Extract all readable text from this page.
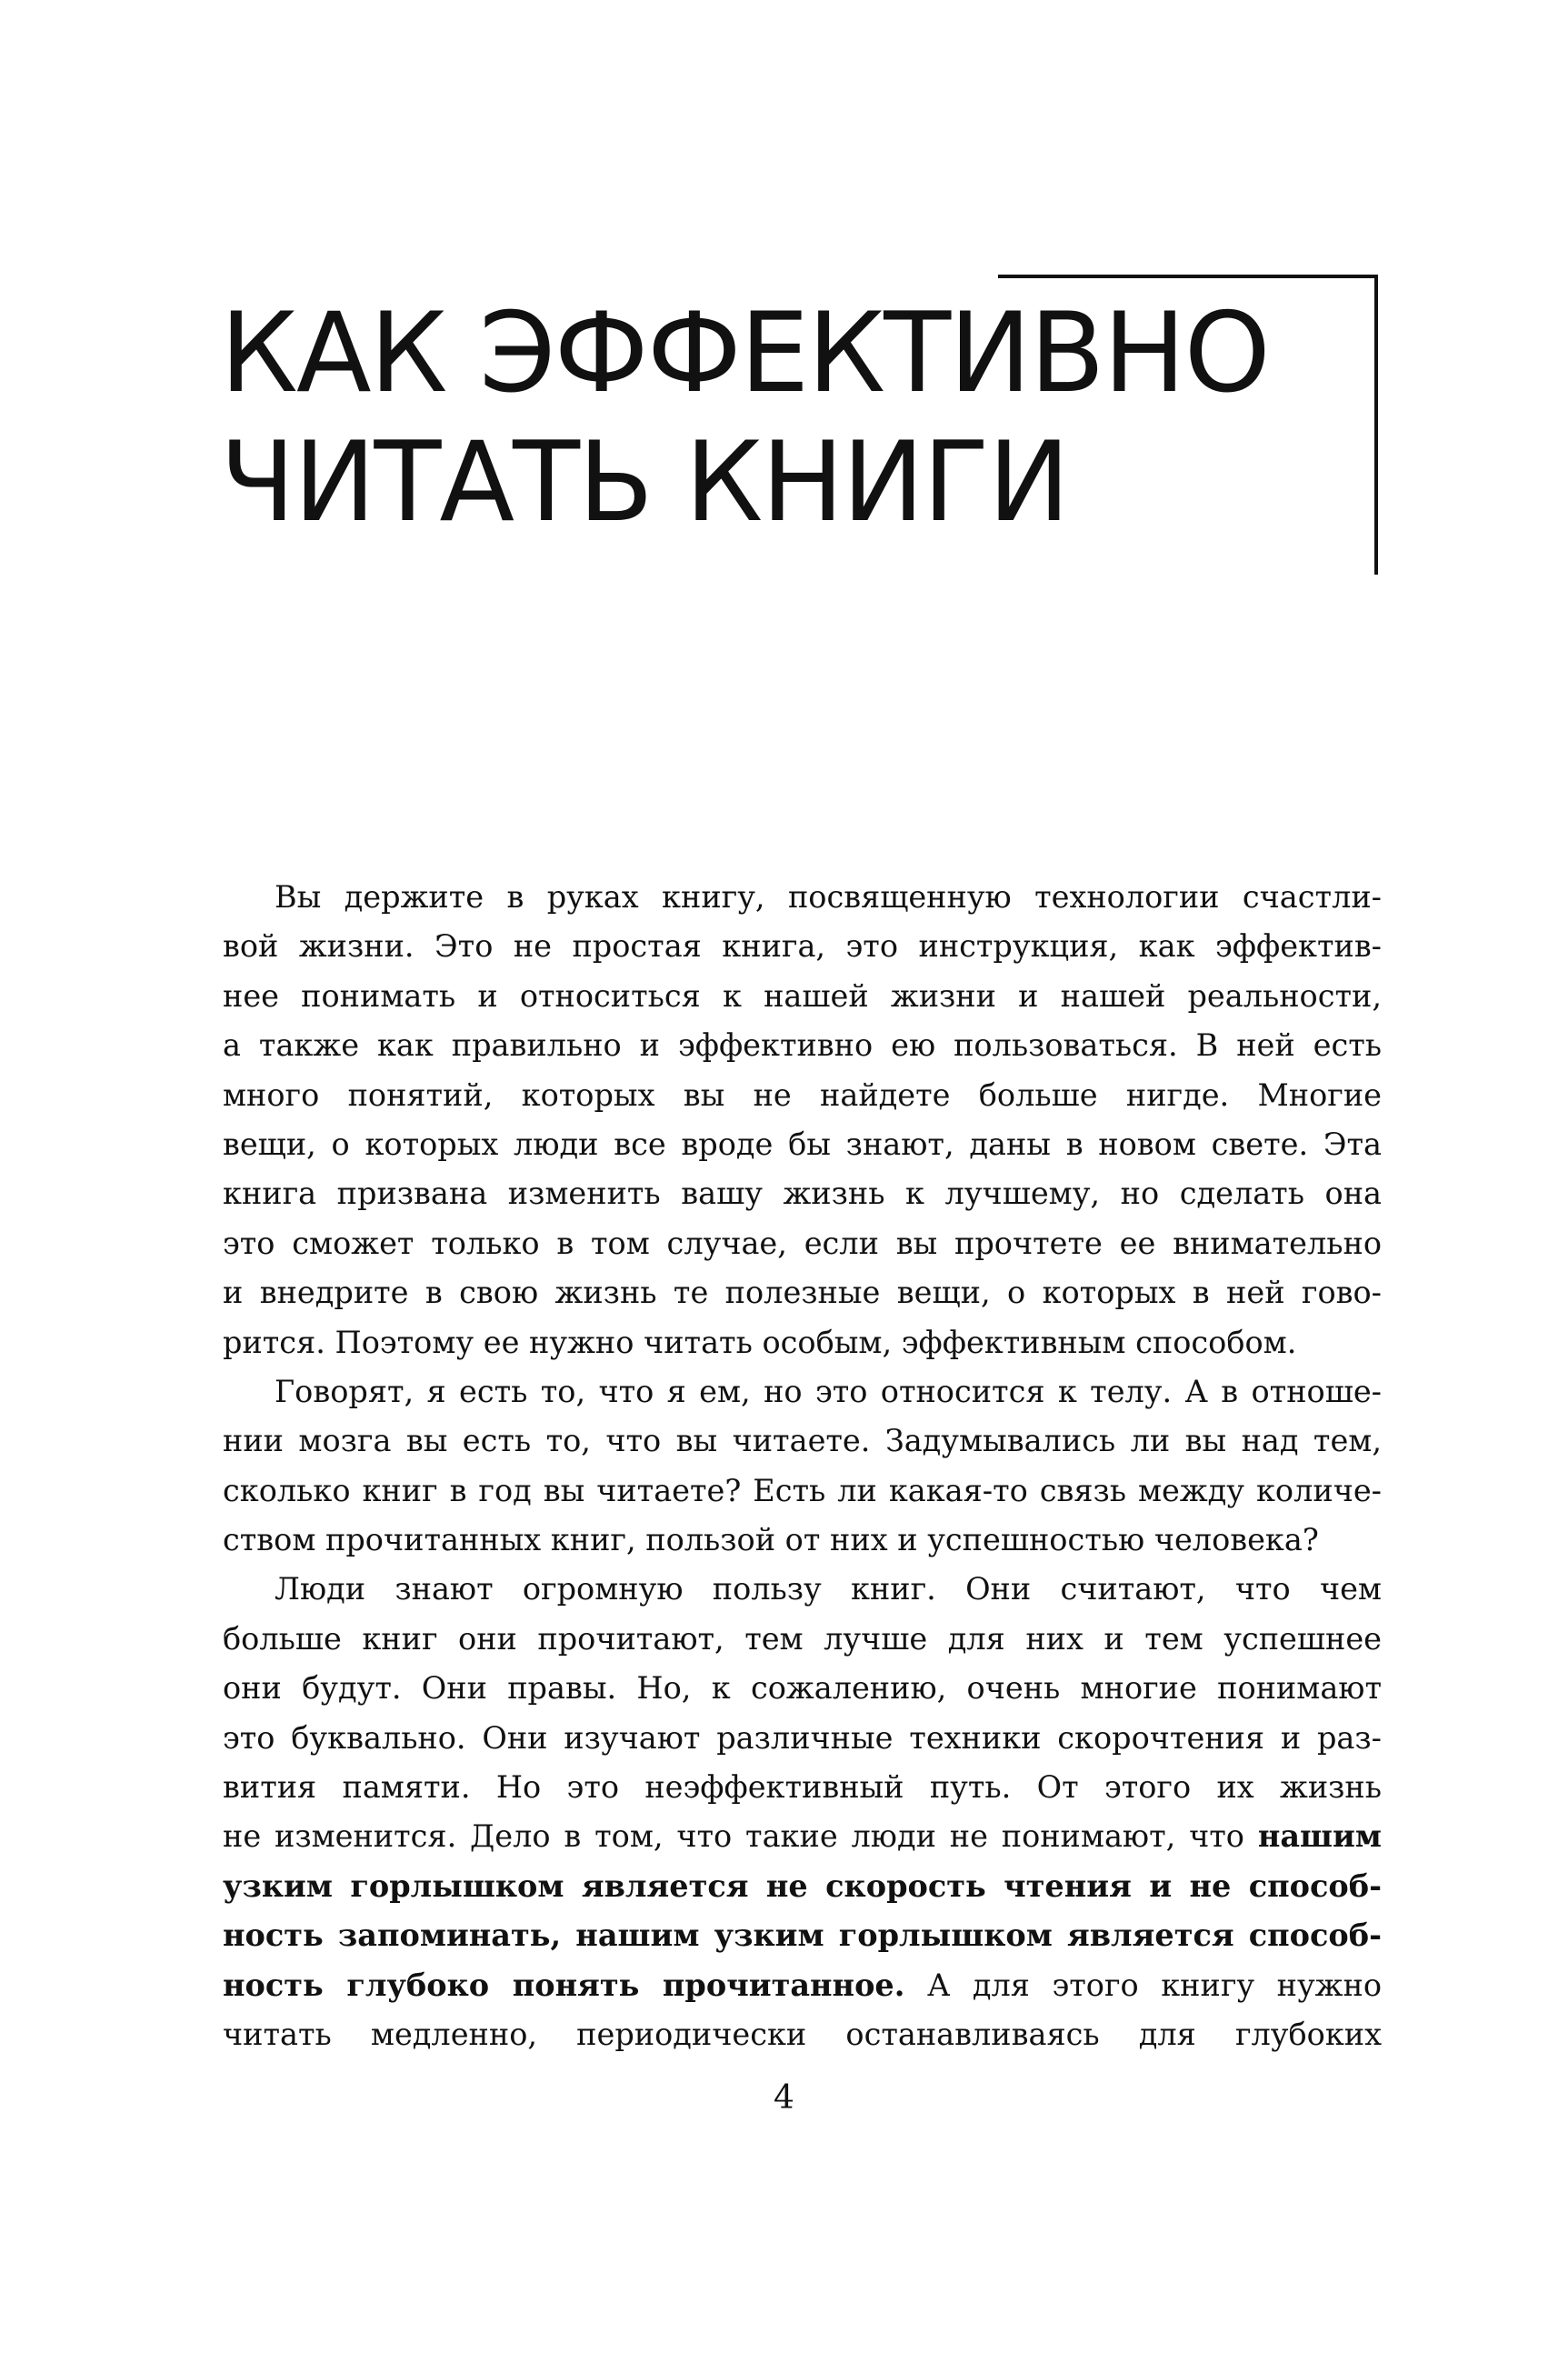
КАК ЭФФЕКТИВНО
ЧИТАТЬ КНИГИ
Вы держите в руках книгу, посвященную технологии счастли-
вой жизни. Это не простая книга, это инструкция, как эффектив-
нее понимать и относиться к нашей жизни и нашей реальности,
а также как правильно и эффективно ею пользоваться. В ней есть
много понятий, которых вы не найдете больше нигде. Многие
вещи, о которых люди все вроде бы знают, даны в новом свете. Эта
книга призвана изменить вашу жизнь к лучшему, но сделать она
это сможет только в том случае, если вы прочтете ее внимательно
и внедрите в свою жизнь те полезные вещи, о которых в ней гово-
рится. Поэтому ее нужно читать особым, эффективным способом.
Говорят, я есть то, что я ем, но это относится к телу. А в отноше-
нии мозга вы есть то, что вы читаете. Задумывались ли вы над тем,
сколько книг в год вы читаете? Есть ли какая-то связь между количе-
ством прочитанных книг, пользой от них и успешностью человека?
Люди знают огромную пользу книг. Они считают, что чем
больше книг они прочитают, тем лучше для них и тем успешнее
они будут. Они правы. Но, к сожалению, очень многие понимают
это буквально. Они изучают различные техники скорочтения и раз-
вития памяти. Но это неэффективный путь. От этого их жизнь
не изменится. Дело в том, что такие люди не понимают, что нашим
узким горлышком является не скорость чтения и не способ-
ность запоминать, нашим узким горлышком является способ-
ность глубоко понять прочитанное. А для этого книгу нужно
читать медленно, периодически останавливаясь для глубоких
4
